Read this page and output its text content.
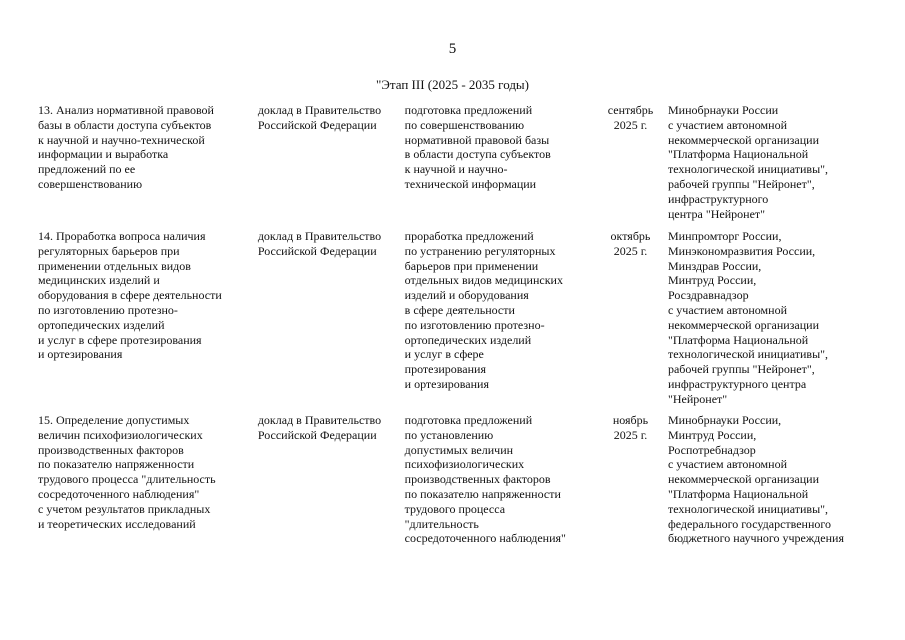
5
"Этап III (2025 - 2035 годы)
13. Анализ нормативной правовой
базы в области доступа субъектов
к научной и научно-технической
информации и выработка
предложений по ее
совершенствованию
доклад в Правительство
Российской Федерации
подготовка предложений
по совершенствованию
нормативной правовой базы
в области доступа субъектов
к научной и научно-
технической информации
сентябрь
2025 г.
Минобрнауки России
с участием автономной
некоммерческой организации
"Платформа Национальной
технологической инициативы",
рабочей группы "Нейронет",
инфраструктурного
центра "Нейронет"
14. Проработка вопроса наличия
регуляторных барьеров при
применении отдельных видов
медицинских изделий и
оборудования в сфере деятельности
по изготовлению протезно-
ортопедических изделий
и услуг в сфере протезирования
и ортезирования
доклад в Правительство
Российской Федерации
проработка предложений
по устранению регуляторных
барьеров при применении
отдельных видов медицинских
изделий и оборудования
в сфере деятельности
по изготовлению протезно-
ортопедических изделий
и услуг в сфере
протезирования
и ортезирования
октябрь
2025 г.
Минпромторг России,
Минэкономразвития России,
Минздрав России,
Минтруд России,
Росздравнадзор
с участием автономной
некоммерческой организации
"Платформа Национальной
технологической инициативы",
рабочей группы "Нейронет",
инфраструктурного центра
"Нейронет"
15. Определение допустимых
величин психофизиологических
производственных факторов
по показателю напряженности
трудового процесса "длительность
сосредоточенного наблюдения"
с учетом результатов прикладных
и теоретических исследований
доклад в Правительство
Российской Федерации
подготовка предложений
по установлению
допустимых величин
психофизиологических
производственных факторов
по показателю напряженности
трудового процесса
"длительность
сосредоточенного наблюдения"
ноябрь
2025 г.
Минобрнауки России,
Минтруд России,
Роспотребнадзор
с участием автономной
некоммерческой организации
"Платформа Национальной
технологической инициативы",
федерального государственного
бюджетного научного учреждения
